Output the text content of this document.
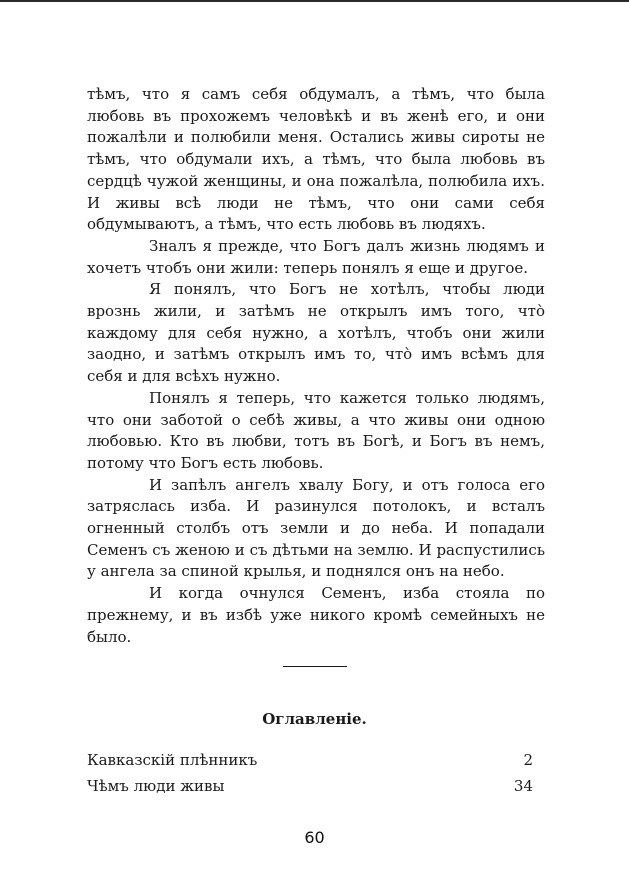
тѣмъ, что я самъ себя обдумалъ, а тѣмъ, что была любовь въ прохожемъ человѣкѣ и въ женѣ его, и они пожалѣли и полюбили меня. Остались живы сироты не тѣмъ, что обдумали ихъ, а тѣмъ, что была любовь въ сердцѣ чужой женщины, и она пожалѣла, полюбила ихъ. И живы всѣ люди не тѣмъ, что они сами себя обдумываютъ, а тѣмъ, что есть любовь въ людяхъ.

Зналъ я прежде, что Богъ далъ жизнь людямъ и хочетъ чтобъ они жили: теперь понялъ я еще и другое.

Я понялъ, что Богъ не хотѣлъ, чтобы люди врознь жили, и затѣмъ не открылъ имъ того, что̀ каждому для себя нужно, а хотѣлъ, чтобъ они жили заодно, и затѣмъ открылъ имъ то, что̀ имъ всѣмъ для себя и для всѣхъ нужно.

Понялъ я теперь, что кажется только людямъ, что они заботой о себѣ живы, а что живы они одною любовью. Кто въ любви, тотъ въ Богѣ, и Богъ въ немъ, потому что Богъ есть любовь.

И запѣлъ ангелъ хвалу Богу, и отъ голоса его затряслась изба. И разинулся потолокъ, и всталъ огненный столбъ отъ земли и до неба. И попадали Семенъ съ женою и съ дѣтьми на землю. И распустились у ангела за спиной крылья, и поднялся онъ на небо.

И когда очнулся Семенъ, изба стояла по прежнему, и въ избѣ уже никого кромѣ семейныхъ не было.

Оглавленіе.
Кавказскій плѣнникъ	2
Чѣмъ люди живы	34
60
